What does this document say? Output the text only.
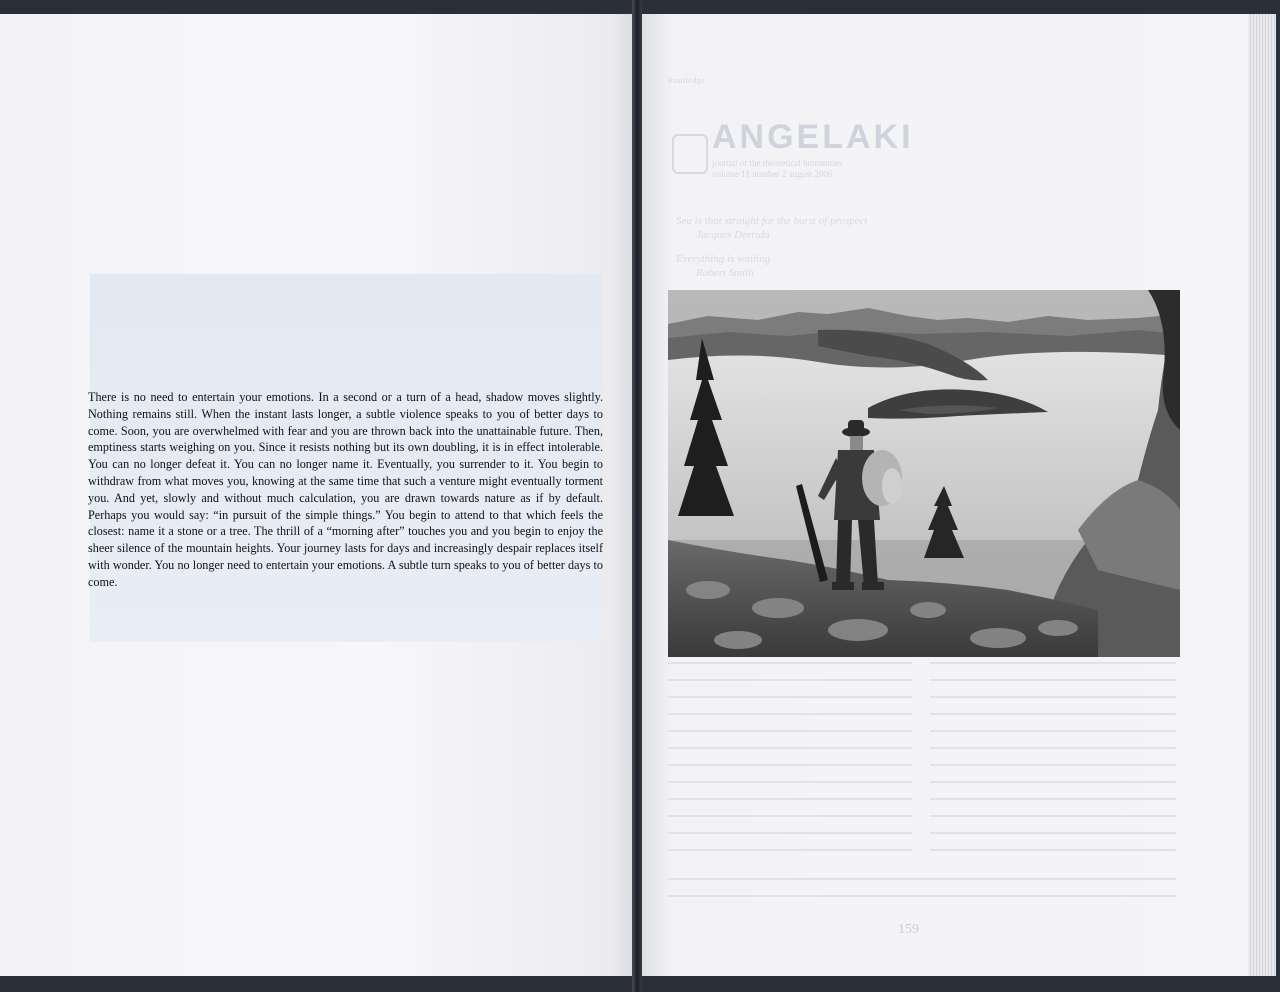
There is no need to entertain your emotions. In a second or a turn of a head, shadow moves slightly. Nothing remains still. When the instant lasts longer, a subtle violence speaks to you of better days to come. Soon, you are overwhelmed with fear and you are thrown back into the unattainable future. Then, emptiness starts weighing on you. Since it resists nothing but its own doubling, it is in effect intolerable. You can no longer defeat it. You can no longer name it. Eventually, you surrender to it. You begin to withdraw from what moves you, knowing at the same time that such a venture might eventually torment you. And yet, slowly and without much calculation, you are drawn towards nature as if by default. Perhaps you would say: “in pursuit of the simple things.” You begin to attend to that which feels the closest: name it a stone or a tree. The thrill of a “morning after” touches you and you begin to enjoy the sheer silence of the mountain heights. Your journey lasts for days and increasingly despair replaces itself with wonder. You no longer need to entertain your emotions. A subtle turn speaks to you of better days to come.

Routledge
ANGELAKI
journal of the theoretical humanities
volume 11 number 2 august 2006
Sea is that straight for the burst of prospect
Jacques Derrida
Everything is waiting
Robert Smith
159
